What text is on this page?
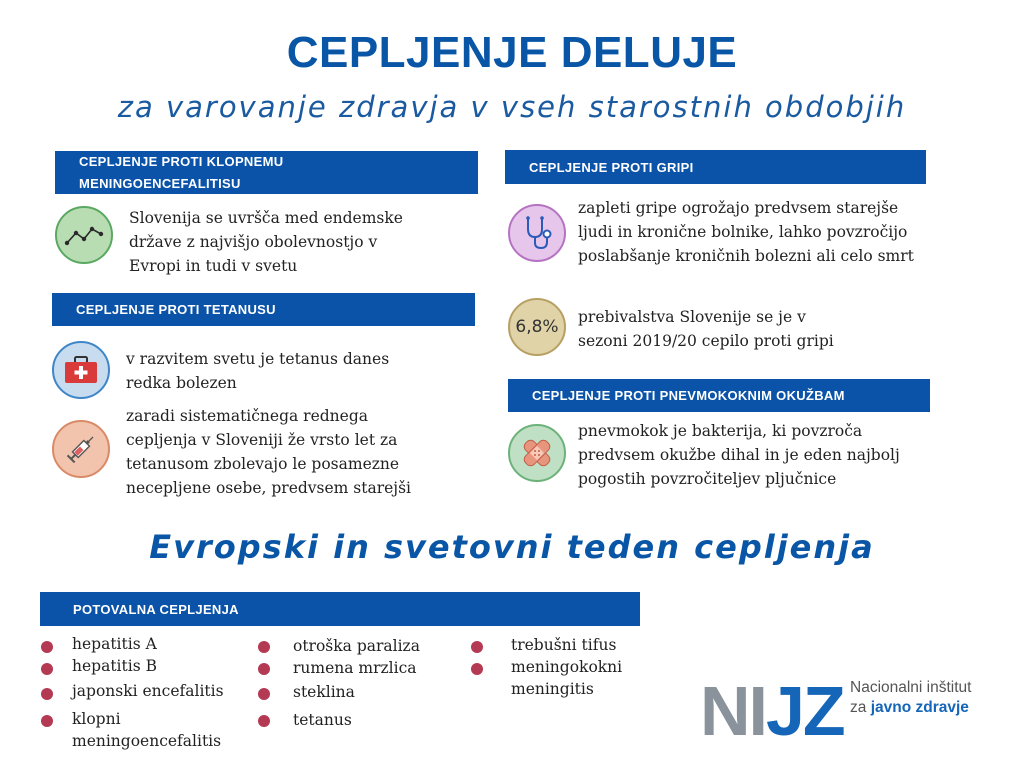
CEPLJENJE DELUJE
za varovanje zdravja v vseh starostnih obdobjih
CEPLJENJE PROTI KLOPNEMU
MENINGOENCEFALITISU
Slovenija se uvršča med endemske države z najvišjo obolevnostjo v Evropi in tudi v svetu
CEPLJENJE PROTI TETANUSU
v razvitem svetu je tetanus danes redka bolezen
zaradi sistematičnega rednega cepljenja v Sloveniji že vrsto let za tetanusom zbolevajo le posamezne necepljene osebe, predvsem starejši
CEPLJENJE PROTI GRIPI
zapleti gripe ogrožajo predvsem starejše ljudi in kronične bolnike, lahko povzročijo poslabšanje kroničnih bolezni ali celo smrt
6,8% prebivalstva Slovenije se je v sezoni 2019/20 cepilo proti gripi
CEPLJENJE PROTI PNEVMOKOKNIM OKUŽBAM
pnevmokok je bakterija, ki povzroča predvsem okužbe dihal in je eden najbolj pogostih povzročiteljev pljučnice
Evropski in svetovni teden cepljenja
POTOVALNA CEPLJENJA
hepatitis A
hepatitis B
japonski encefalitis
klopni meningoencefalitis
otroška paraliza
rumena mrzlica
steklina
tetanus
trebušni tifus
meningokokni meningitis	NIJZ Nacionalni inštitut
za javno zdravje
